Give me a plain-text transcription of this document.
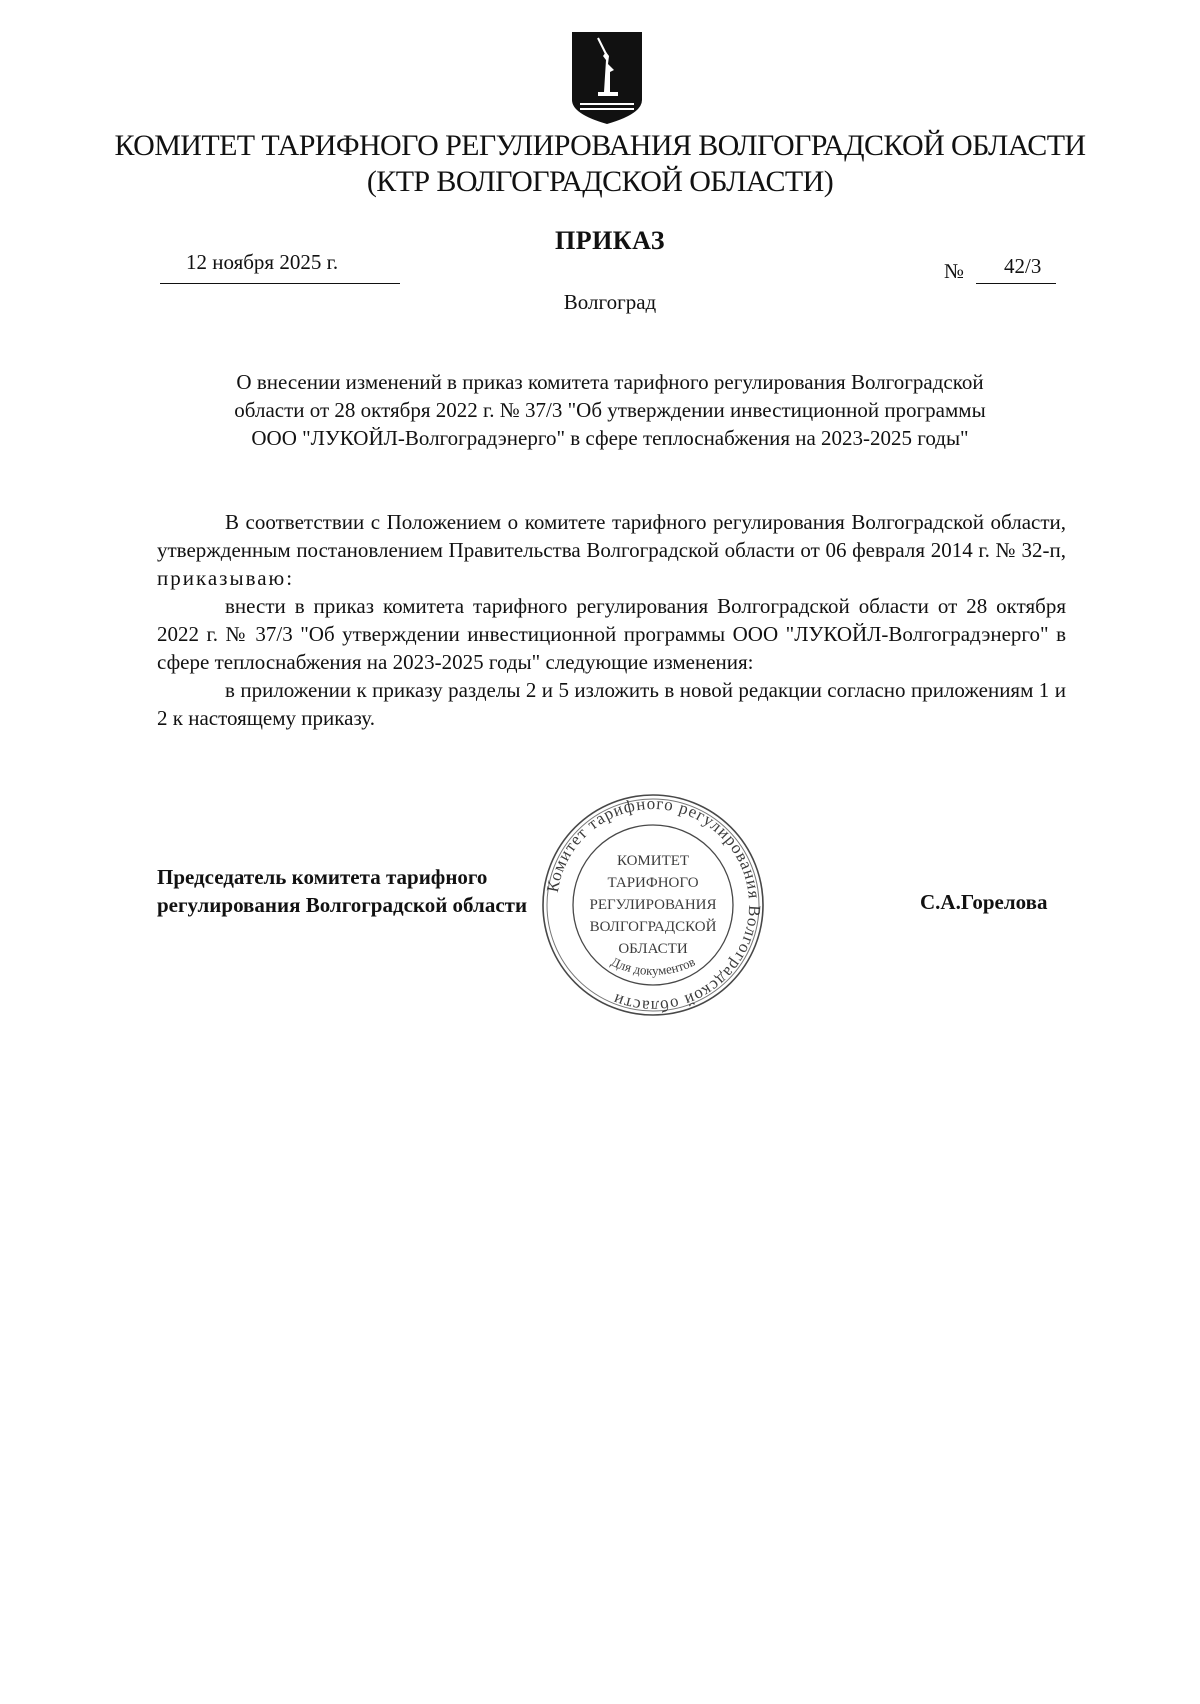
КОМИТЕТ ТАРИФНОГО РЕГУЛИРОВАНИЯ ВОЛГОГРАДСКОЙ ОБЛАСТИ
(КТР ВОЛГОГРАДСКОЙ ОБЛАСТИ)
ПРИКАЗ
12 ноября 2025 г.	№ 42/3
Волгоград
О внесении изменений в приказ комитета тарифного регулирования Волгоградской
области от 28 октября 2022 г. № 37/3 "Об утверждении инвестиционной программы
ООО "ЛУКОЙЛ-Волгоградэнерго" в сфере теплоснабжения на 2023-2025 годы"
В соответствии с Положением о комитете тарифного регулирования Волгоградской области, утвержденным постановлением Правительства Волгоградской области от 06 февраля 2014 г. № 32-п, приказываю:
внести в приказ комитета тарифного регулирования Волгоградской области от 28 октября 2022 г. № 37/3 "Об утверждении инвестиционной программы ООО "ЛУКОЙЛ-Волгоградэнерго" в сфере теплоснабжения на 2023-2025 годы" следующие изменения:
в приложении к приказу разделы 2 и 5 изложить в новой редакции согласно приложениям 1 и 2 к настоящему приказу.
Председатель комитета тарифного
регулирования Волгоградской области	С.А.Горелова
Комитет тарифного регулирования Волгоградской области
КОМИТЕТ
ТАРИФНОГО
РЕГУЛИРОВАНИЯ
ВОЛГОГРАДСКОЙ
ОБЛАСТИ
Для документов
